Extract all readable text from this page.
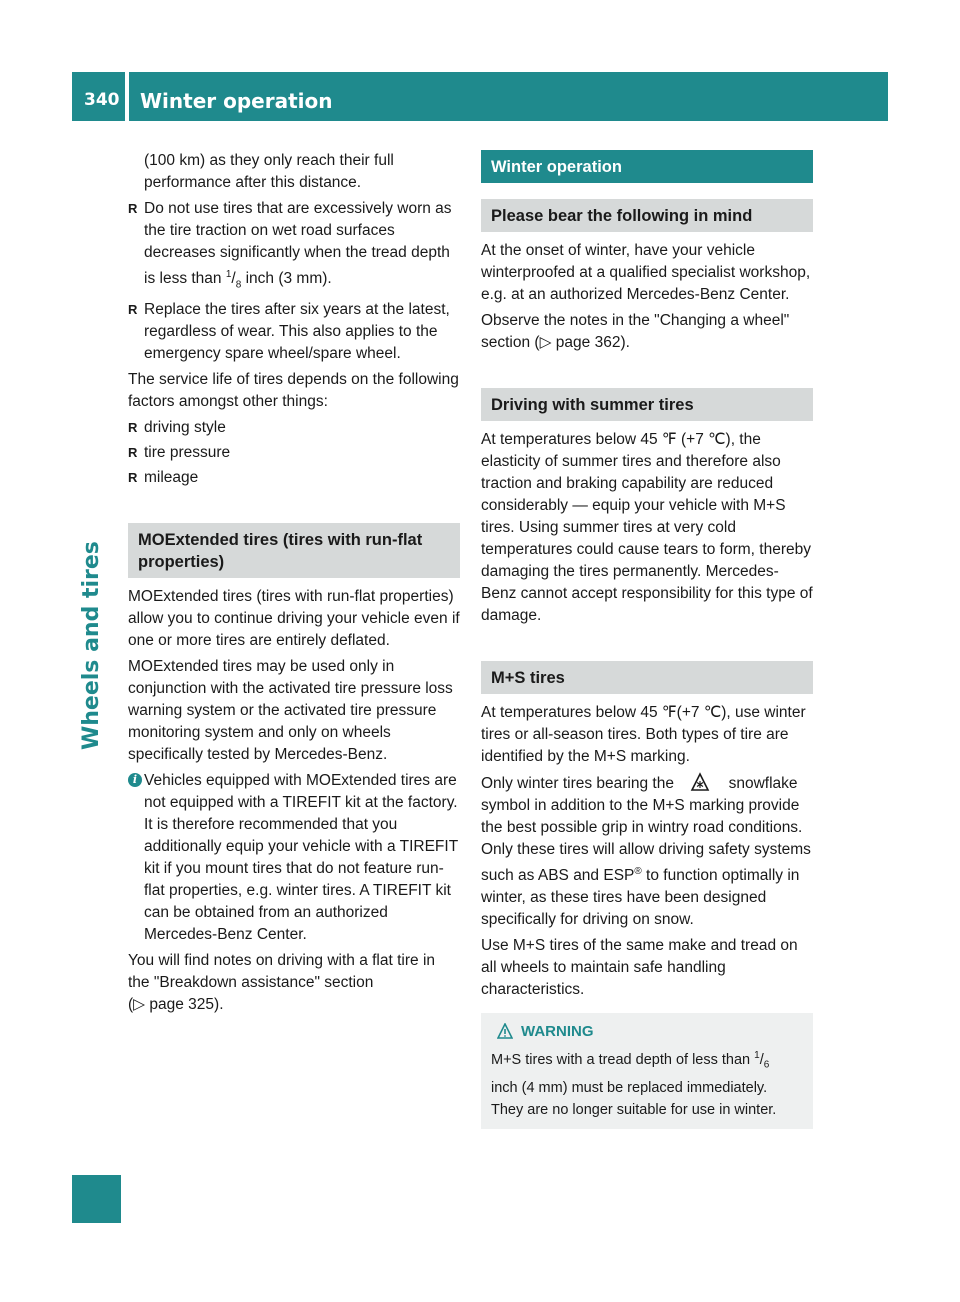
340 Winter operation
Wheels and tires

(100 km) as they only reach their full performance after this distance.

R Do not use tires that are excessively worn as the tire traction on wet road surfaces decreases significantly when the tread depth is less than $^1/_8$ inch (3 mm).
R Replace the tires after six years at the latest, regardless of wear. This also applies to the emergency spare wheel/spare wheel.

The service life of tires depends on the following factors amongst other things:

R driving style
R tire pressure
R mileage
MOExtended tires (tires with run-flat properties)

MOExtended tires (tires with run-flat properties) allow you to continue driving your vehicle even if one or more tires are entirely deflated.

MOExtended tires may be used only in conjunction with the activated tire pressure loss warning system or the activated tire pressure monitoring system and only on wheels specifically tested by Mercedes-Benz.

i Vehicles equipped with MOExtended tires are not equipped with a TIREFIT kit at the factory. It is therefore recommended that you additionally equip your vehicle with a TIREFIT kit if you mount tires that do not feature run-flat properties, e.g. winter tires. A TIREFIT kit can be obtained from an authorized Mercedes-Benz Center.

You will find notes on driving with a flat tire in the "Breakdown assistance" section
(▷ page 325).

Winter operation
Please bear the following in mind

At the onset of winter, have your vehicle winterproofed at a qualified specialist workshop, e.g. at an authorized Mercedes-Benz Center.

Observe the notes in the "Changing a wheel" section (▷ page 362).

Driving with summer tires

At temperatures below 45 ℉ (+7 ℃), the elasticity of summer tires and therefore also traction and braking capability are reduced considerably — equip your vehicle with M+S tires. Using summer tires at very cold temperatures could cause tears to form, thereby damaging the tires permanently. Mercedes-Benz cannot accept responsibility for this type of damage.

M+S tires

At temperatures below 45 ℉(+7 ℃), use winter tires or all-season tires. Both types of tire are identified by the M+S marking.

Only winter tires bearing the	snowflake symbol in addition to the M+S marking provide the best possible grip in wintry road conditions. Only these tires will allow driving safety systems such as ABS and ESP® to function optimally in winter, as these tires have been designed specifically for driving on snow.

Use M+S tires of the same make and tread on all wheels to maintain safe handling characteristics.

WARNING
M+S tires with a tread depth of less than $^1/_6$
inch (4 mm) must be replaced immediately. They are no longer suitable for use in winter.
